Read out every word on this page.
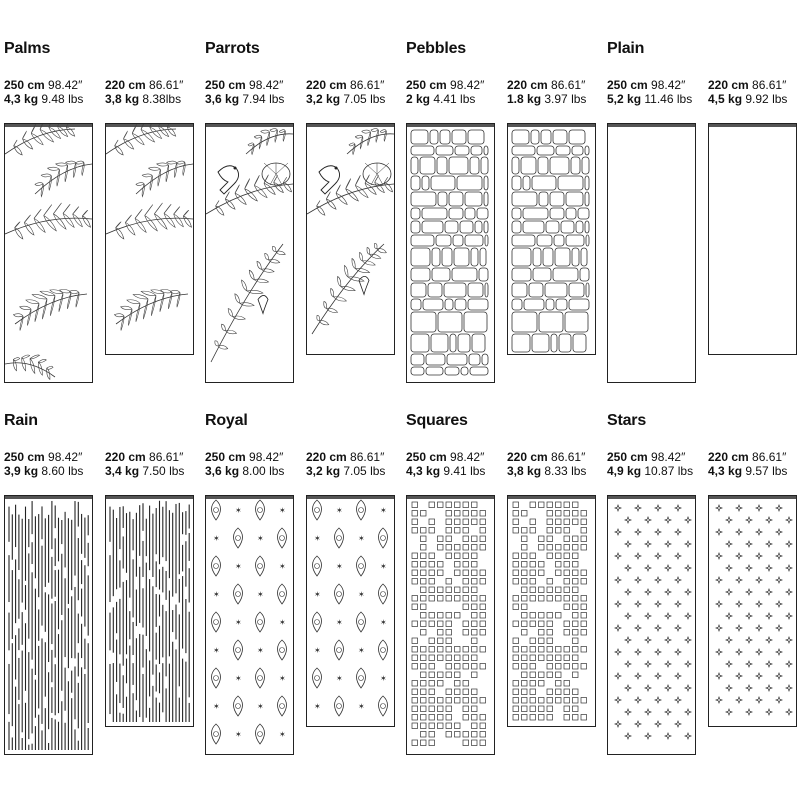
Palms
250 cm 98.42″
4,3 kg 9.48 lbs
220 cm 86.61″
3,8 kg 8.38lbs
Parrots
250 cm 98.42″
3,6 kg 7.94 lbs
220 cm 86.61″
3,2 kg 7.05 lbs
Pebbles
250 cm 98.42″
2 kg 4.41 lbs
220 cm 86.61″
1.8 kg 3.97 lbs
Plain
250 cm 98.42″
5,2 kg 11.46 lbs
220 cm 86.61″
4,5 kg 9.92 lbs
Rain
250 cm 98.42″
3,9 kg 8.60 lbs
220 cm 86.61″
3,4 kg 7.50 lbs
Royal
250 cm 98.42″
3,6 kg 8.00 lbs
✶	✶
✶	✶
✶	✶
✶	✶
✶	✶
✶	✶
✶	✶
✶	✶
✶	✶
220 cm 86.61″
3,2 kg 7.05 lbs
✶	✶
✶	✶
✶	✶
✶	✶
✶	✶
✶	✶
✶	✶
✶	✶
Squares
250 cm 98.42″
4,3 kg 9.41 lbs
220 cm 86.61″
3,8 kg 8.33 lbs
Stars
250 cm 98.42″
4,9 kg 10.87 lbs
220 cm 86.61″
4,3 kg 9.57 lbs
